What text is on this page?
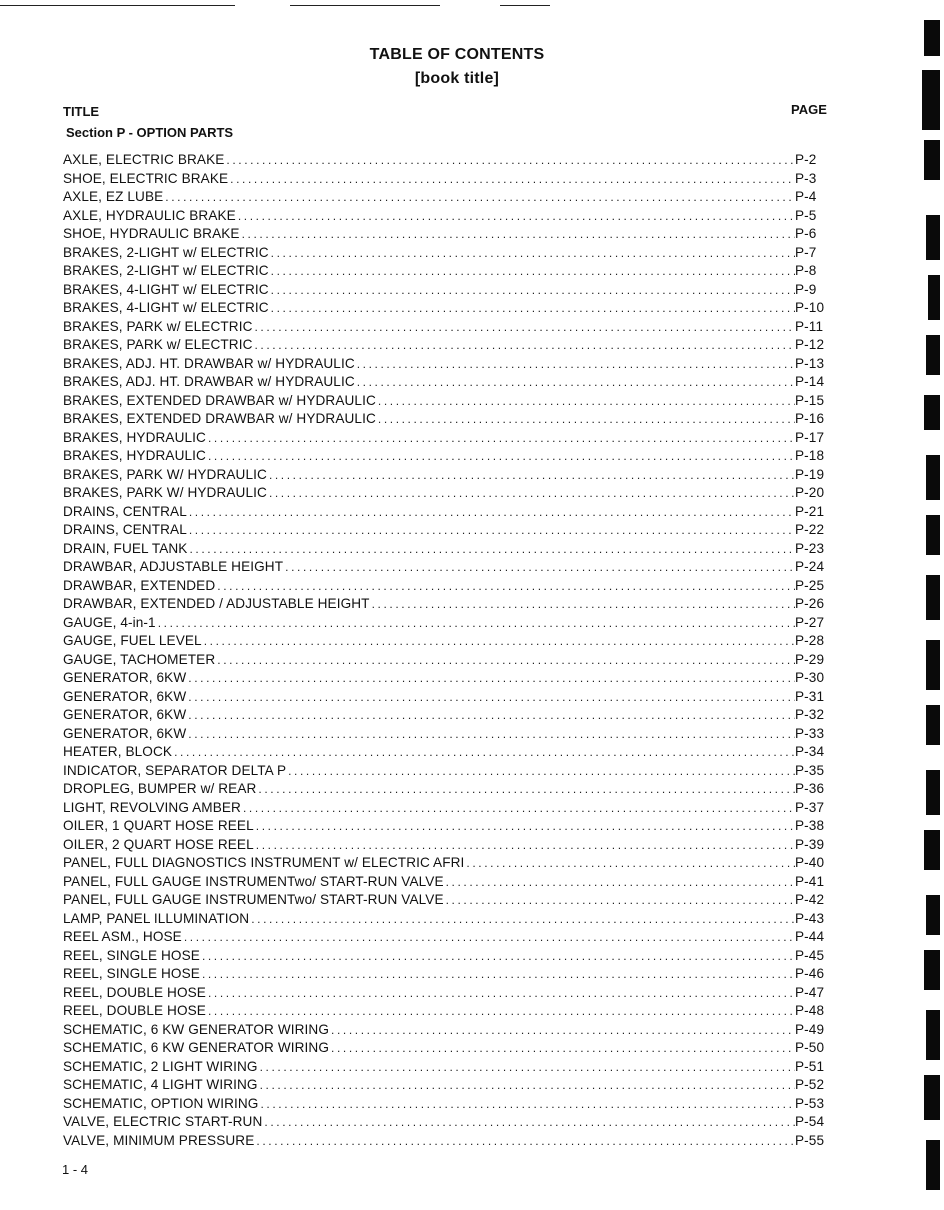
TABLE OF CONTENTS
[book title]
TITLE	PAGE
Section P - OPTION PARTS
AXLE, ELECTRIC BRAKE .....	P-2
SHOE, ELECTRIC BRAKE .....	P-3
AXLE, EZ LUBE .....	P-4
AXLE, HYDRAULIC BRAKE .....	P-5
SHOE, HYDRAULIC BRAKE .....	P-6
BRAKES, 2-LIGHT w/ ELECTRIC .....	P-7
BRAKES, 2-LIGHT w/ ELECTRIC .....	P-8
BRAKES, 4-LIGHT w/ ELECTRIC .....	P-9
BRAKES, 4-LIGHT w/ ELECTRIC .....	P-10
BRAKES, PARK w/ ELECTRIC .....	P-11
BRAKES, PARK w/ ELECTRIC .....	P-12
BRAKES, ADJ. HT. DRAWBAR w/ HYDRAULIC .....	P-13
BRAKES, ADJ. HT. DRAWBAR w/ HYDRAULIC .....	P-14
BRAKES, EXTENDED DRAWBAR w/ HYDRAULIC .....	P-15
BRAKES, EXTENDED DRAWBAR w/ HYDRAULIC .....	P-16
BRAKES, HYDRAULIC .....	P-17
BRAKES, HYDRAULIC .....	P-18
BRAKES, PARK W/ HYDRAULIC .....	P-19
BRAKES, PARK W/ HYDRAULIC .....	P-20
DRAINS, CENTRAL .....	P-21
DRAINS, CENTRAL .....	P-22
DRAIN, FUEL TANK .....	P-23
DRAWBAR, ADJUSTABLE HEIGHT .....	P-24
DRAWBAR, EXTENDED .....	P-25
DRAWBAR, EXTENDED / ADJUSTABLE HEIGHT .....	P-26
GAUGE, 4-in-1 .....	P-27
GAUGE, FUEL LEVEL .....	P-28
GAUGE, TACHOMETER .....	P-29
GENERATOR, 6KW .....	P-30
GENERATOR, 6KW .....	P-31
GENERATOR, 6KW .....	P-32
GENERATOR, 6KW .....	P-33
HEATER, BLOCK .....	P-34
INDICATOR, SEPARATOR DELTA P .....	P-35
DROPLEG, BUMPER w/ REAR .....	P-36
LIGHT, REVOLVING AMBER .....	P-37
OILER, 1 QUART HOSE REEL .....	P-38
OILER, 2 QUART HOSE REEL .....	P-39
PANEL, FULL DIAGNOSTICS INSTRUMENT w/ ELECTRIC AFRI .....	P-40
PANEL, FULL GAUGE INSTRUMENTwo/ START-RUN VALVE .....	P-41
PANEL, FULL GAUGE INSTRUMENTwo/ START-RUN VALVE .....	P-42
LAMP, PANEL ILLUMINATION .....	P-43
REEL ASM., HOSE .....	P-44
REEL, SINGLE HOSE .....	P-45
REEL, SINGLE HOSE .....	P-46
REEL, DOUBLE HOSE .....	P-47
REEL, DOUBLE HOSE .....	P-48
SCHEMATIC, 6 KW GENERATOR WIRING .....	P-49
SCHEMATIC, 6 KW GENERATOR WIRING .....	P-50
SCHEMATIC, 2 LIGHT WIRING .....	P-51
SCHEMATIC, 4 LIGHT WIRING .....	P-52
SCHEMATIC, OPTION WIRING .....	P-53
VALVE, ELECTRIC START-RUN .....	P-54
VALVE, MINIMUM PRESSURE .....	P-55
1 - 4
